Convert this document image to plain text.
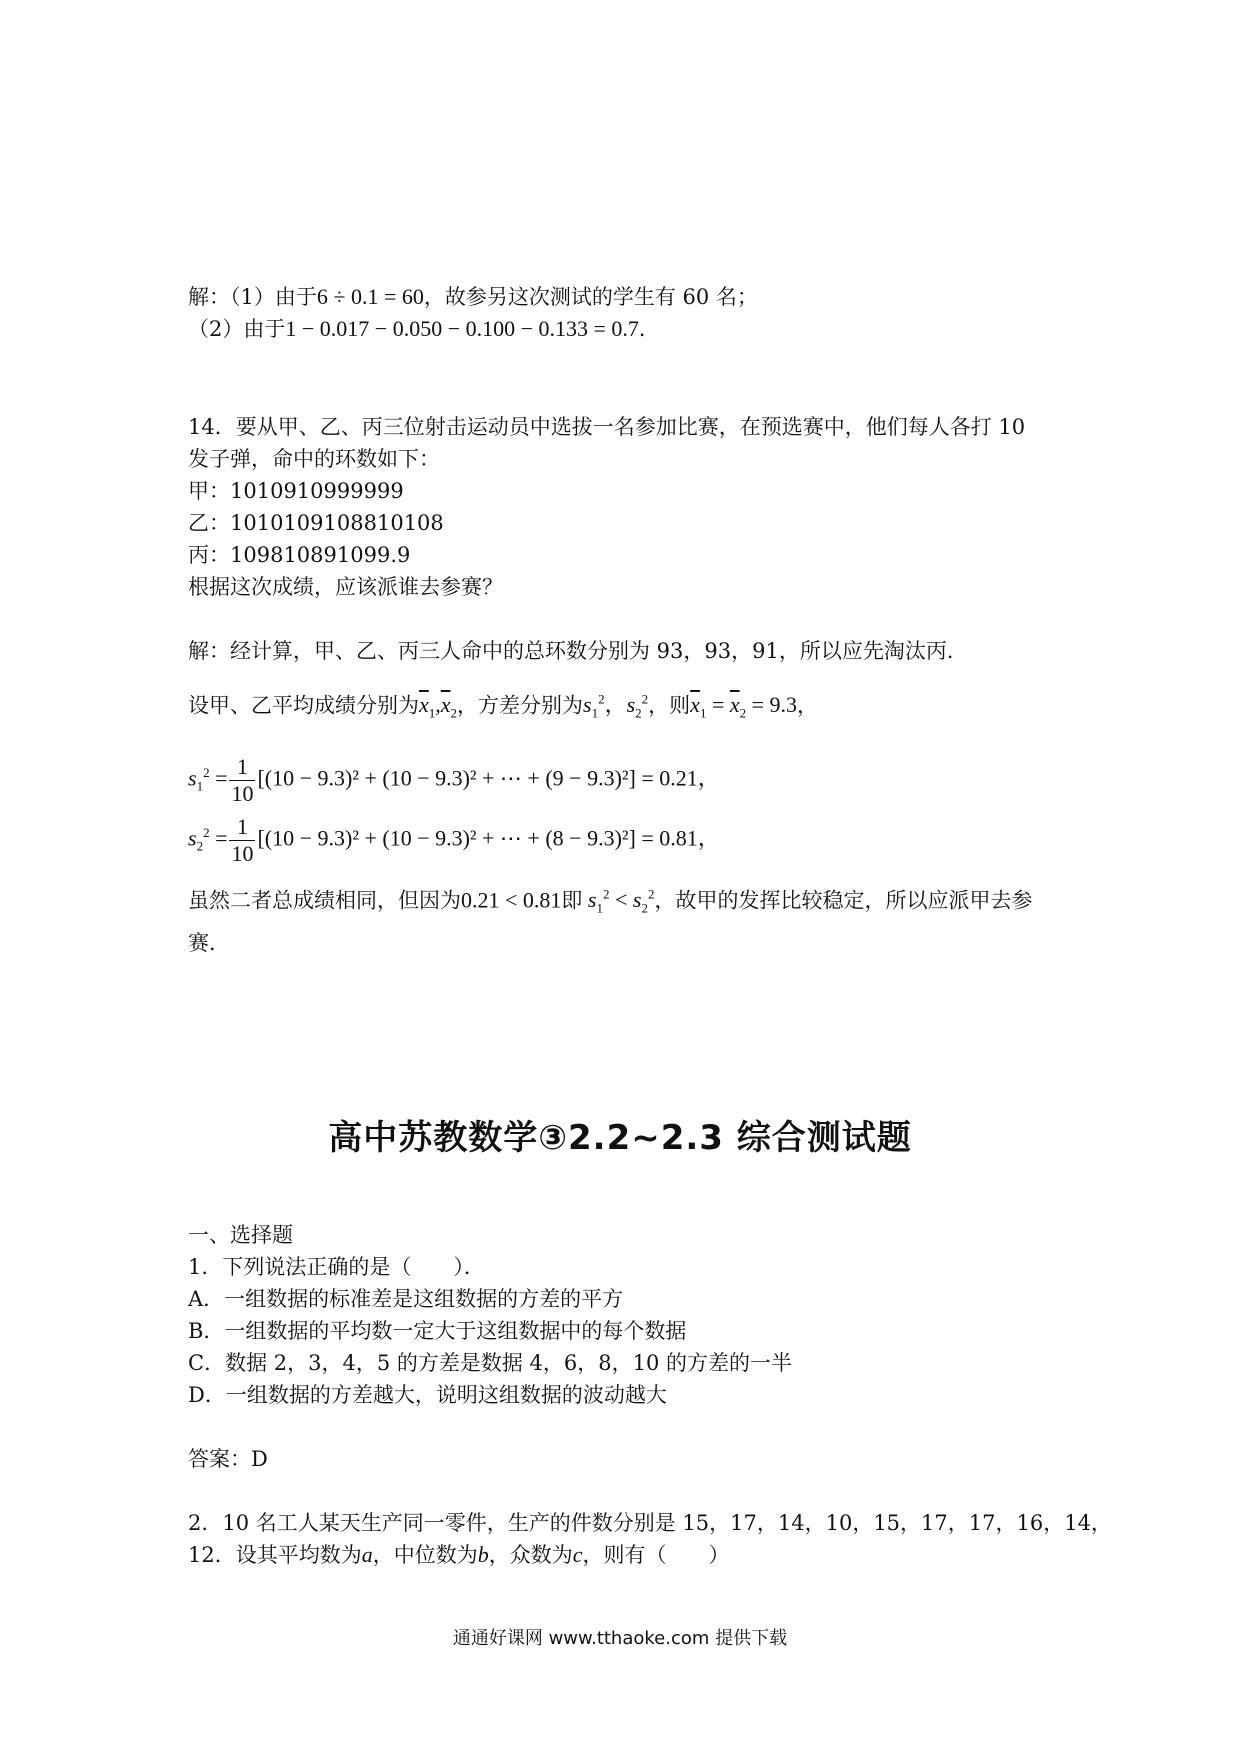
解：（1）由于6 ÷ 0.1 = 60，故参另这次测试的学生有 60 名；
（2）由于1 − 0.017 − 0.050 − 0.100 − 0.133 = 0.7．
14．要从甲、乙、丙三位射击运动员中选拔一名参加比赛，在预选赛中，他们每人各打 10
发子弹，命中的环数如下：
甲：1010910999999
乙：1010109108810108
丙：109810891099.9
根据这次成绩，应该派谁去参赛？
解：经计算，甲、乙、丙三人命中的总环数分别为 93，93，91，所以应先淘汰丙．
设甲、乙平均成绩分别为$\overline{x}_1,\overline{x}_2$，方差分别为$s_1^2$，$s_2^2$，则$\overline{x}_1 = \overline{x}_2 = 9.3$，
$s_1^2 = \frac{1}{10} [(10 - 9.3)^2 + (10 - 9.3)^2$ + ⋯ + (9 − 9.3)²] = 0.21，
$s_2^2 = \frac{1}{10} [(10 - 9.3)^2 + (10 - 9.3)^2$ + ⋯ + (8 − 9.3)²] = 0.81，
虽然二者总成绩相同，但因为0.21 < 0.81即 $s_1^2 < s_2^2$，故甲的发挥比较稳定，所以应派甲去参
赛．
高中苏教数学③2.2~2.3 综合测试题
一、选择题
1．下列说法正确的是（　　）．
A．一组数据的标准差是这组数据的方差的平方
B．一组数据的平均数一定大于这组数据中的每个数据
C．数据 2，3，4，5 的方差是数据 4，6，8，10 的方差的一半
D．一组数据的方差越大，说明这组数据的波动越大
答案：D
2．10 名工人某天生产同一零件，生产的件数分别是 15，17，14，10，15，17，17，16，14，
12．设其平均数为a，中位数为b，众数为c，则有（　　）
通通好课网 www.tthaoke.com 提供下载
